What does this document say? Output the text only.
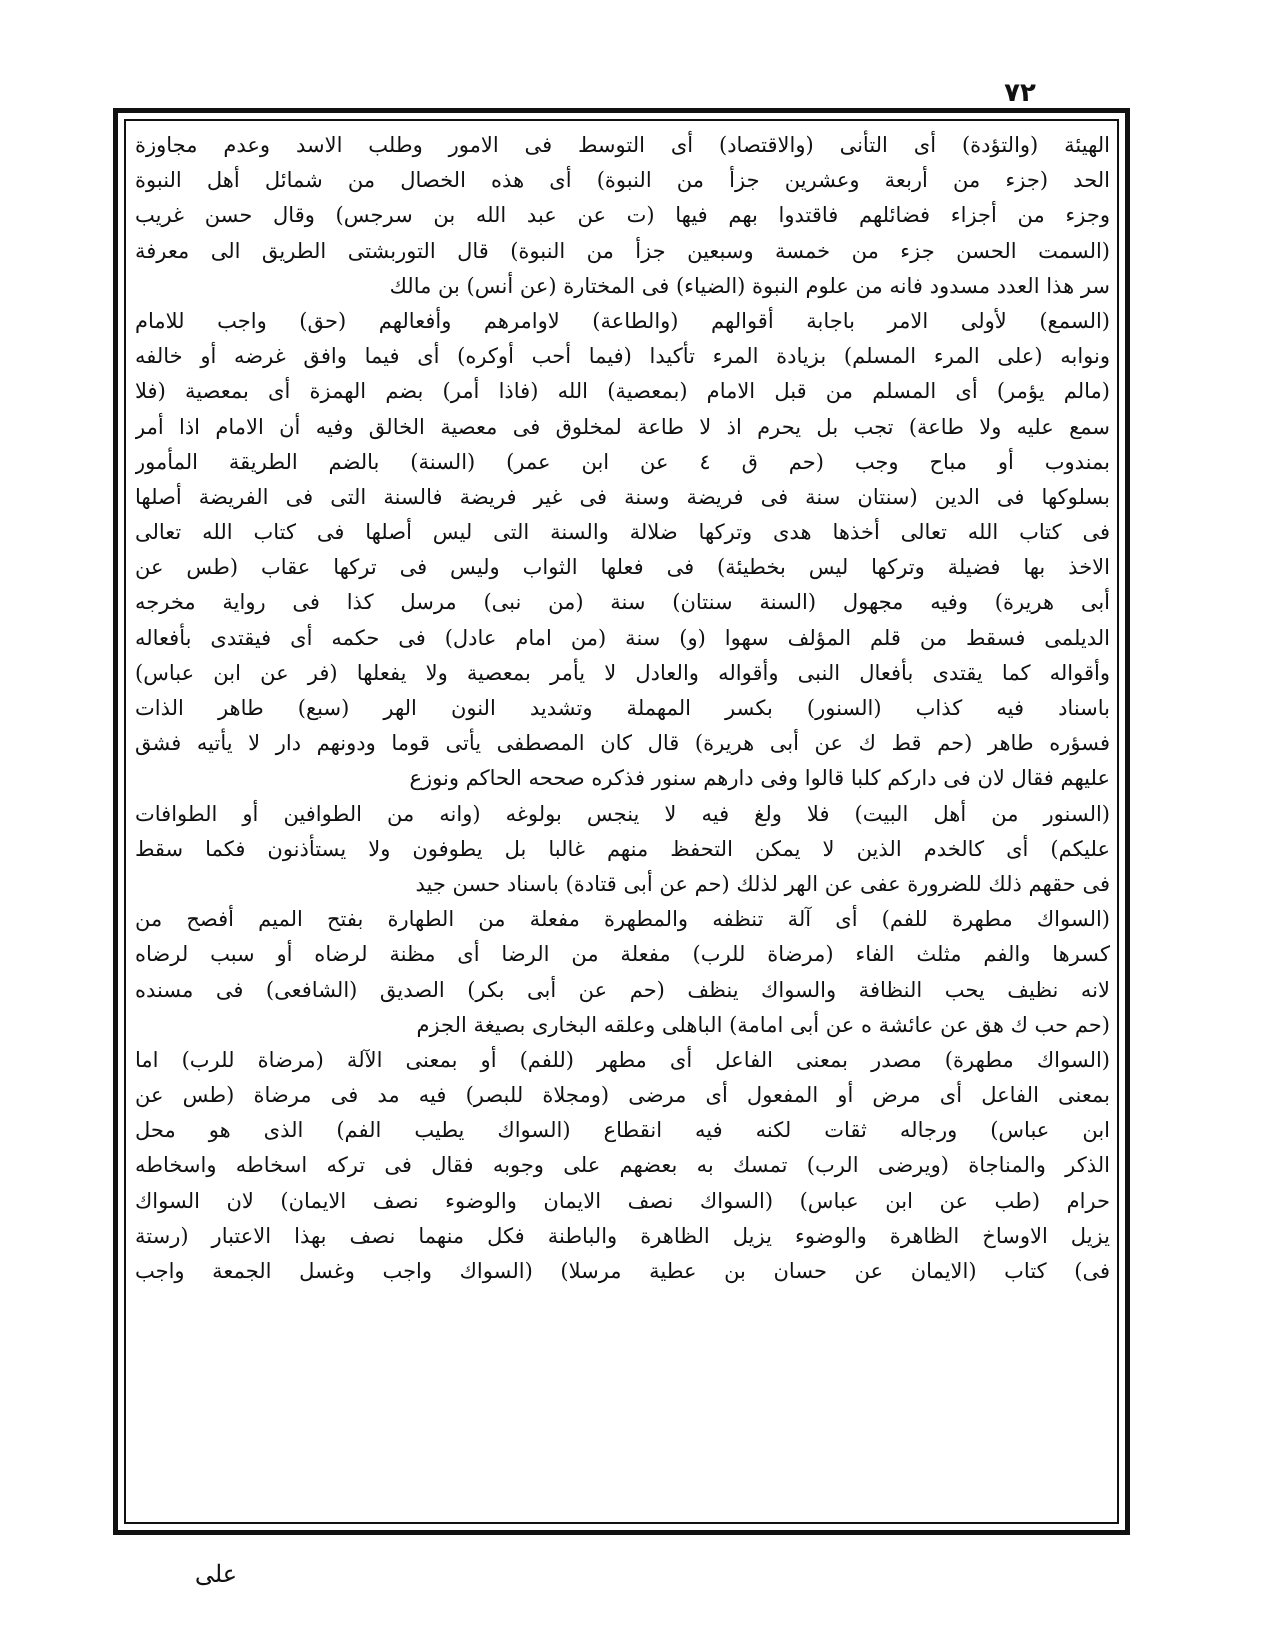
٧٢
الهيئة (والتؤدة) أى التأنى (والاقتصاد) أى التوسط فى الامور وطلب الاسد وعدم مجاوزة
الحد (جزء من أربعة وعشرين جزأ من النبوة) أى هذه الخصال من شمائل أهل النبوة
وجزء من أجزاء فضائلهم فاقتدوا بهم فيها (ت عن عبد الله بن سرجس) وقال حسن غريب
(السمت الحسن جزء من خمسة وسبعين جزأ من النبوة) قال التوربشتى الطريق الى معرفة
سر هذا العدد مسدود فانه من علوم النبوة (الضياء) فى المختارة (عن أنس) بن مالك
(السمع) لأولى الامر باجابة أقوالهم (والطاعة) لاوامرهم وأفعالهم (حق) واجب للامام
ونوابه (على المرء المسلم) بزيادة المرء تأكيدا (فيما أحب أوكره) أى فيما وافق غرضه أو خالفه
(مالم يؤمر) أى المسلم من قبل الامام (بمعصية) الله (فاذا أمر) بضم الهمزة أى بمعصية (فلا
سمع عليه ولا طاعة) تجب بل يحرم اذ لا طاعة لمخلوق فى معصية الخالق وفيه أن الامام اذا أمر
بمندوب أو مباح وجب (حم ق ٤ عن ابن عمر) (السنة) بالضم الطريقة المأمور
بسلوكها فى الدين (سنتان سنة فى فريضة وسنة فى غير فريضة فالسنة التى فى الفريضة أصلها
فى كتاب الله تعالى أخذها هدى وتركها ضلالة والسنة التى ليس أصلها فى كتاب الله تعالى
الاخذ بها فضيلة وتركها ليس بخطيئة) فى فعلها الثواب وليس فى تركها عقاب (طس عن
أبى هريرة) وفيه مجهول (السنة سنتان) سنة (من نبى) مرسل كذا فى رواية مخرجه
الديلمى فسقط من قلم المؤلف سهوا (و) سنة (من امام عادل) فى حكمه أى فيقتدى بأفعاله
وأقواله كما يقتدى بأفعال النبى وأقواله والعادل لا يأمر بمعصية ولا يفعلها (فر عن ابن عباس)
باسناد فيه كذاب (السنور) بكسر المهملة وتشديد النون الهر (سبع) طاهر الذات
فسؤره طاهر (حم قط ك عن أبى هريرة) قال كان المصطفى يأتى قوما ودونهم دار لا يأتيه فشق
عليهم فقال لان فى داركم كلبا قالوا وفى دارهم سنور فذكره صححه الحاكم ونوزع
(السنور من أهل البيت) فلا ولغ فيه لا ينجس بولوغه (وانه من الطوافين أو الطوافات
عليكم) أى كالخدم الذين لا يمكن التحفظ منهم غالبا بل يطوفون ولا يستأذنون فكما سقط
فى حقهم ذلك للضرورة عفى عن الهر لذلك (حم عن أبى قتادة) باسناد حسن جيد
(السواك مطهرة للفم) أى آلة تنظفه والمطهرة مفعلة من الطهارة بفتح الميم أفصح من
كسرها والفم مثلث الفاء (مرضاة للرب) مفعلة من الرضا أى مظنة لرضاه أو سبب لرضاه
لانه نظيف يحب النظافة والسواك ينظف (حم عن أبى بكر) الصديق (الشافعى) فى مسنده
(حم حب ك هق عن عائشة ه عن أبى امامة) الباهلى وعلقه البخارى بصيغة الجزم
(السواك مطهرة) مصدر بمعنى الفاعل أى مطهر (للفم) أو بمعنى الآلة (مرضاة للرب) اما
بمعنى الفاعل أى مرض أو المفعول أى مرضى (ومجلاة للبصر) فيه مد فى مرضاة (طس عن
ابن عباس) ورجاله ثقات لكنه فيه انقطاع (السواك يطيب الفم) الذى هو محل
الذكر والمناجاة (ويرضى الرب) تمسك به بعضهم على وجوبه فقال فى تركه اسخاطه واسخاطه
حرام (طب عن ابن عباس) (السواك نصف الايمان والوضوء نصف الايمان) لان السواك
يزيل الاوساخ الظاهرة والوضوء يزيل الظاهرة والباطنة فكل منهما نصف بهذا الاعتبار (رستة
فى) كتاب (الايمان عن حسان بن عطية مرسلا) (السواك واجب وغسل الجمعة واجب
على
